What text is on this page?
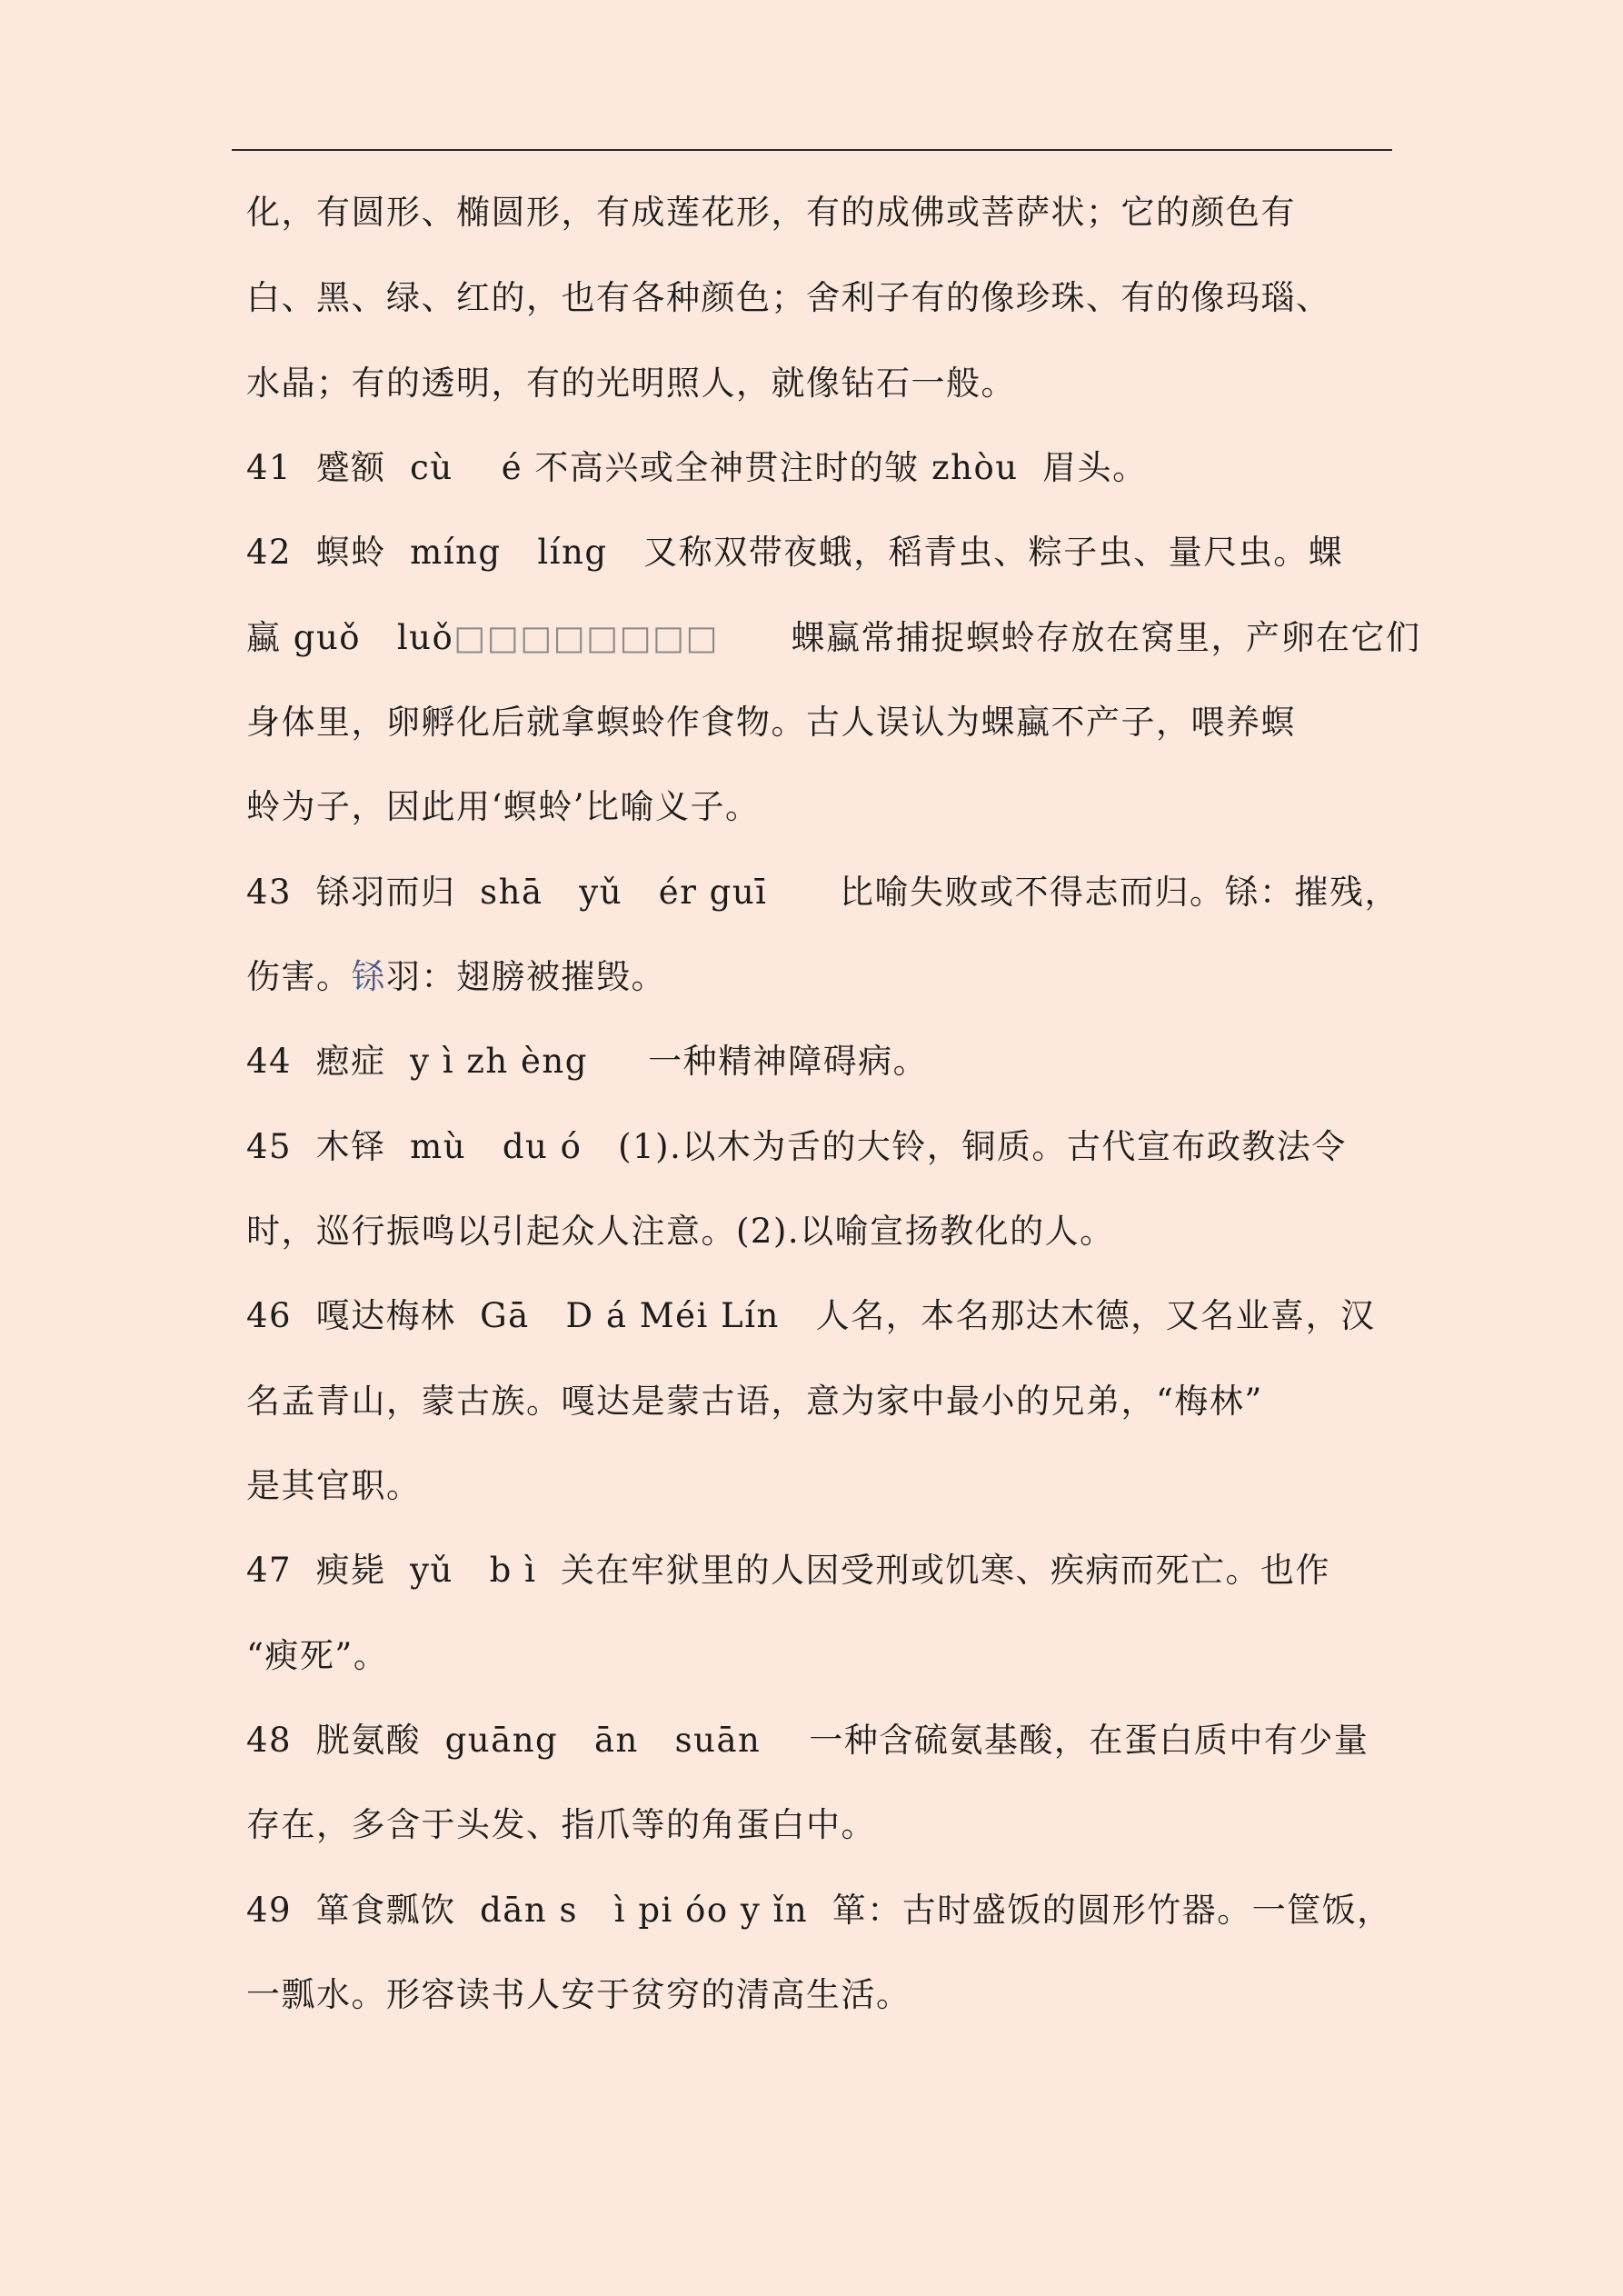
化，有圆形、椭圆形，有成莲花形，有的成佛或菩萨状；它的颜色有
白、黑、绿、红的，也有各种颜色；舍利子有的像珍珠、有的像玛瑙、
水晶；有的透明，有的光明照人，就像钻石一般。
41  蹙额  cù    é 不高兴或全神贯注时的皱 zhòu  眉头。
42  螟蛉  míng   líng   又称双带夜蛾，稻青虫、粽子虫、量尺虫。蜾
蠃 guǒ   luǒ□□□□□□□□      蜾蠃常捕捉螟蛉存放在窝里，产卵在它们
身体里，卵孵化后就拿螟蛉作食物。古人误认为蜾蠃不产子，喂养螟
蛉为子，因此用‘螟蛉’比喻义子。
43  铩羽而归  shā   yǔ   ér guī      比喻失败或不得志而归。铩：摧残，
伤害。铩羽：翅膀被摧毁。
44  瘛症  y ì zh èng     一种精神障碍病。
45  木铎  mù   du ó   (1).以木为舌的大铃，铜质。古代宣布政教法令
时，巡行振鸣以引起众人注意。(2).以喻宣扬教化的人。
46  嘎达梅林  Gā   D á Méi Lín   人名，本名那达木德，又名业喜，汉
名孟青山，蒙古族。嘎达是蒙古语，意为家中最小的兄弟，“梅林”
是其官职。
47  瘐毙  yǔ   b ì  关在牢狱里的人因受刑或饥寒、疾病而死亡。也作
“瘐死”。
48  胱氨酸  guāng   ān   suān    一种含硫氨基酸，在蛋白质中有少量
存在，多含于头发、指爪等的角蛋白中。
49  箪食瓢饮  dān s   ì pi óo y ǐn  箪：古时盛饭的圆形竹器。一筐饭，
一瓢水。形容读书人安于贫穷的清高生活。
